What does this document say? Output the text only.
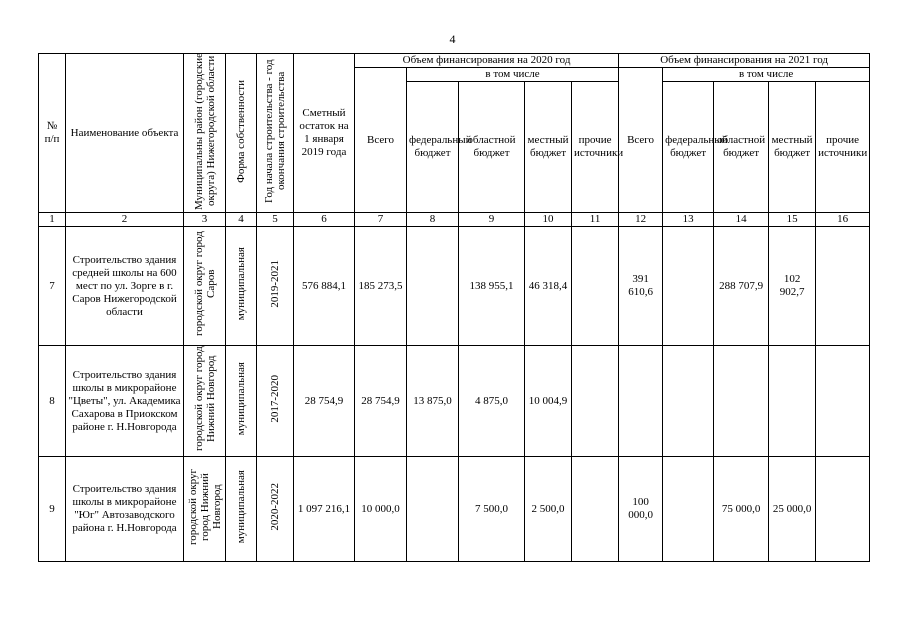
4
№ п/п	Наименование объекта	Муниципальны район (городские округа) Нижегородской области	Форма собственности	Год начала строительства - год окончания строительства	Сметный остаток на 1 января 2019 года	Объем финансирования на 2020 год					Объем финансирования на 2021 год				
						Всего	в том числе				Всего	в том числе			
							федеральный бюджет	областной бюджет	местный бюджет	прочие источники		федеральный бюджет	областной бюджет	местный бюджет	прочие источники
1	2	3	4	5	6	7	8	9	10	11	12	13	14	15	16
7	Строительство здания средней школы на 600 мест по ул. Зорге в г. Саров Нижегородской области	городской округ город Саров	муниципальная	2019-2021	576 884,1	185 273,5		138 955,1	46 318,4		391 610,6		288 707,9	102 902,7	
8	Строительство здания школы в микрорайоне "Цветы", ул. Академика Сахарова в Приокском районе г. Н.Новгорода	городской округ город Нижний Новгород	муниципальная	2017-2020	28 754,9	28 754,9	13 875,0	4 875,0	10 004,9						
9	Строительство здания школы в микрорайоне "Юг" Автозаводского района г. Н.Новгорода	городской округ город Нижний Новгород	муниципальная	2020-2022	1 097 216,1	10 000,0		7 500,0	2 500,0		100 000,0		75 000,0	25 000,0	
